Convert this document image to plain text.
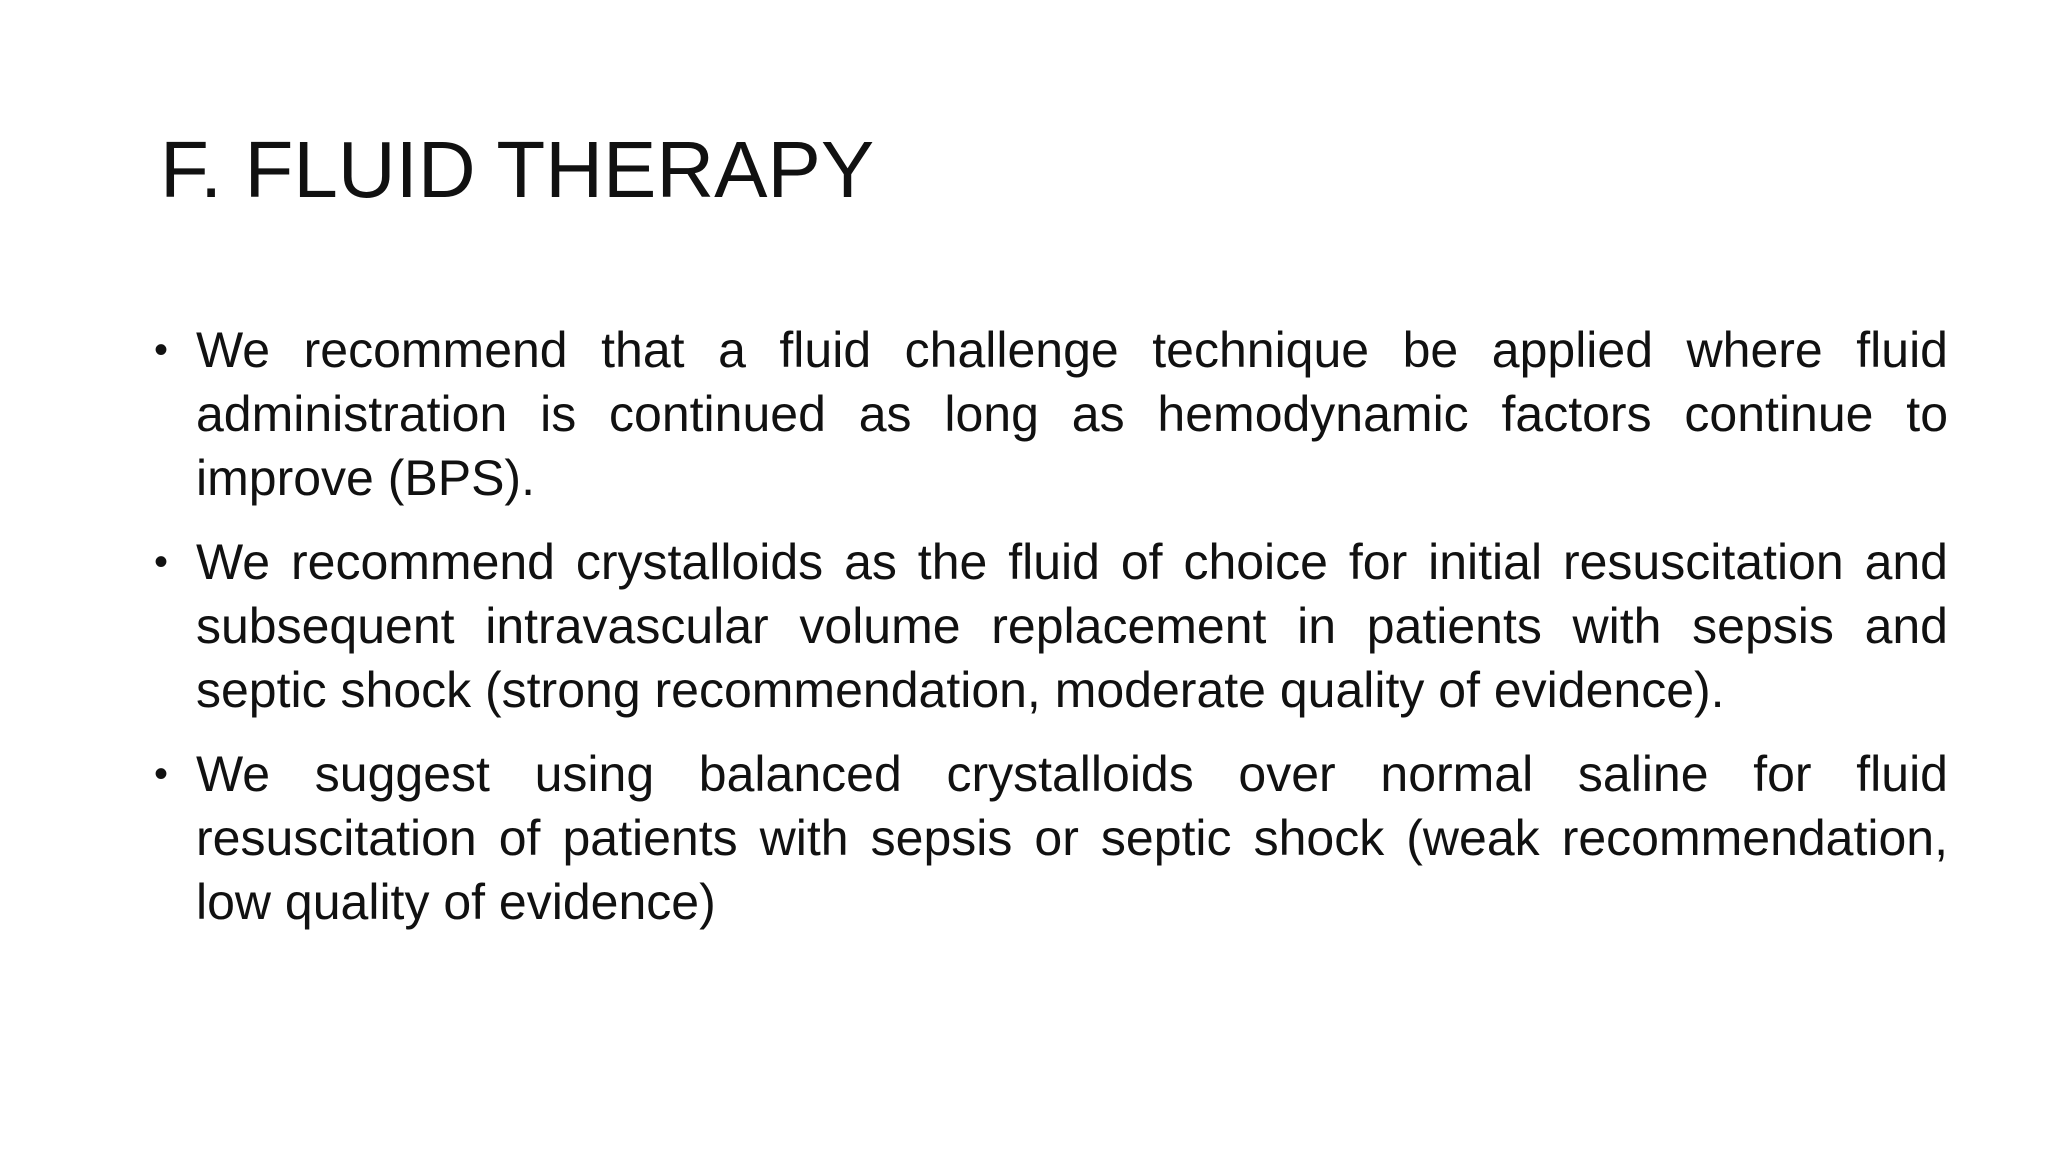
F. FLUID THERAPY
• We recommend that a fluid challenge technique be applied where fluid administration is continued as long as hemodynamic factors continue to improve (BPS).
• We recommend crystalloids as the fluid of choice for initial resuscitation and subsequent intravascular volume replacement in patients with sepsis and septic shock (strong recommendation, moderate quality of evidence).
• We suggest using balanced crystalloids over normal saline for fluid resuscitation of patients with sepsis or septic shock (weak recommendation, low quality of evidence)
